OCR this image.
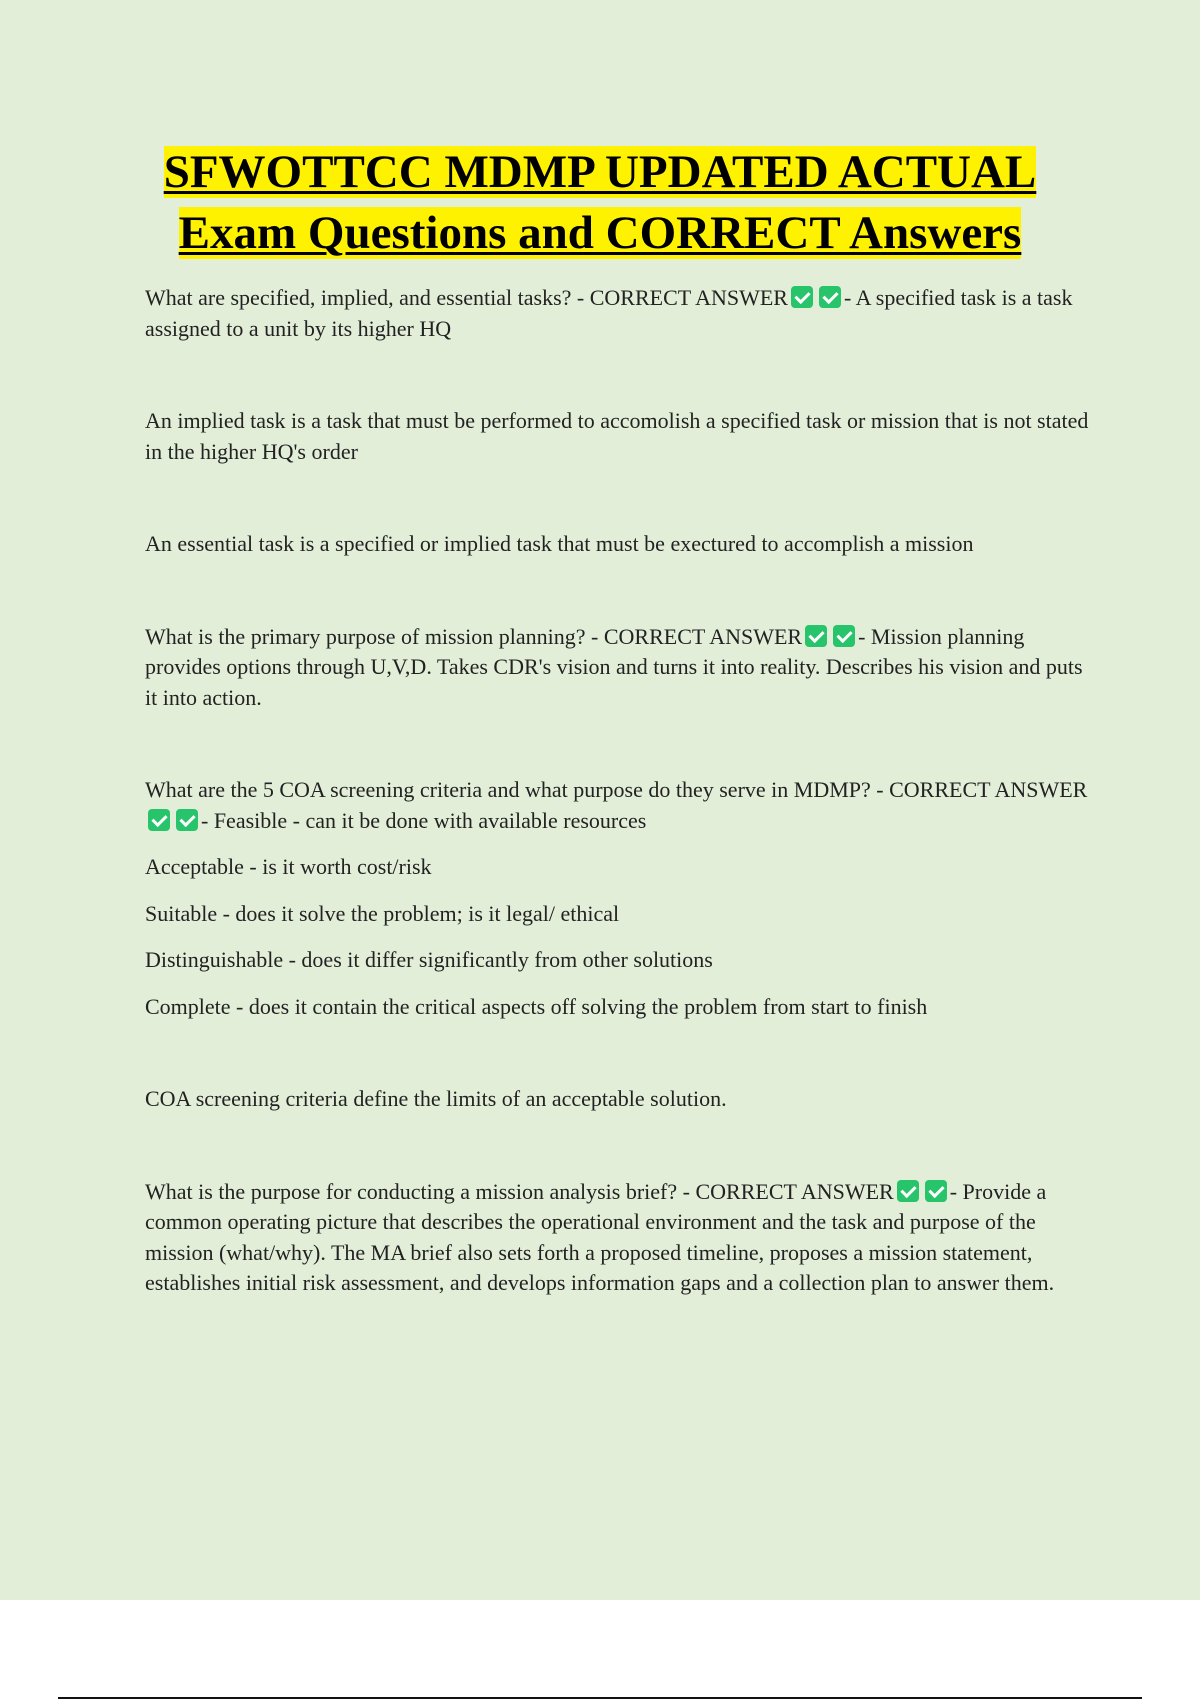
SFWOTTCC MDMP UPDATED ACTUAL
Exam Questions and CORRECT Answers

What are specified, implied, and essential tasks? - CORRECT ANSWER	- A specified task is a task assigned to a unit by its higher HQ

An implied task is a task that must be performed to accomolish a specified task or mission that is not stated in the higher HQ's order

An essential task is a specified or implied task that must be exectured to accomplish a mission

What is the primary purpose of mission planning? - CORRECT ANSWER	- Mission planning provides options through U,V,D. Takes CDR's vision and turns it into reality. Describes his vision and puts it into action.

What are the 5 COA screening criteria and what purpose do they serve in MDMP? - CORRECT ANSWER- Feasible - can it be done with available resources

Acceptable - is it worth cost/risk

Suitable - does it solve the problem; is it legal/ ethical

Distinguishable - does it differ significantly from other solutions

Complete - does it contain the critical aspects off solving the problem from start to finish

COA screening criteria define the limits of an acceptable solution.

What is the purpose for conducting a mission analysis brief? - CORRECT ANSWER	- Provide a common operating picture that describes the operational environment and the task and purpose of the mission (what/why). The MA brief also sets forth a proposed timeline, proposes a mission statement, establishes initial risk assessment, and develops information gaps and a collection plan to answer them.
